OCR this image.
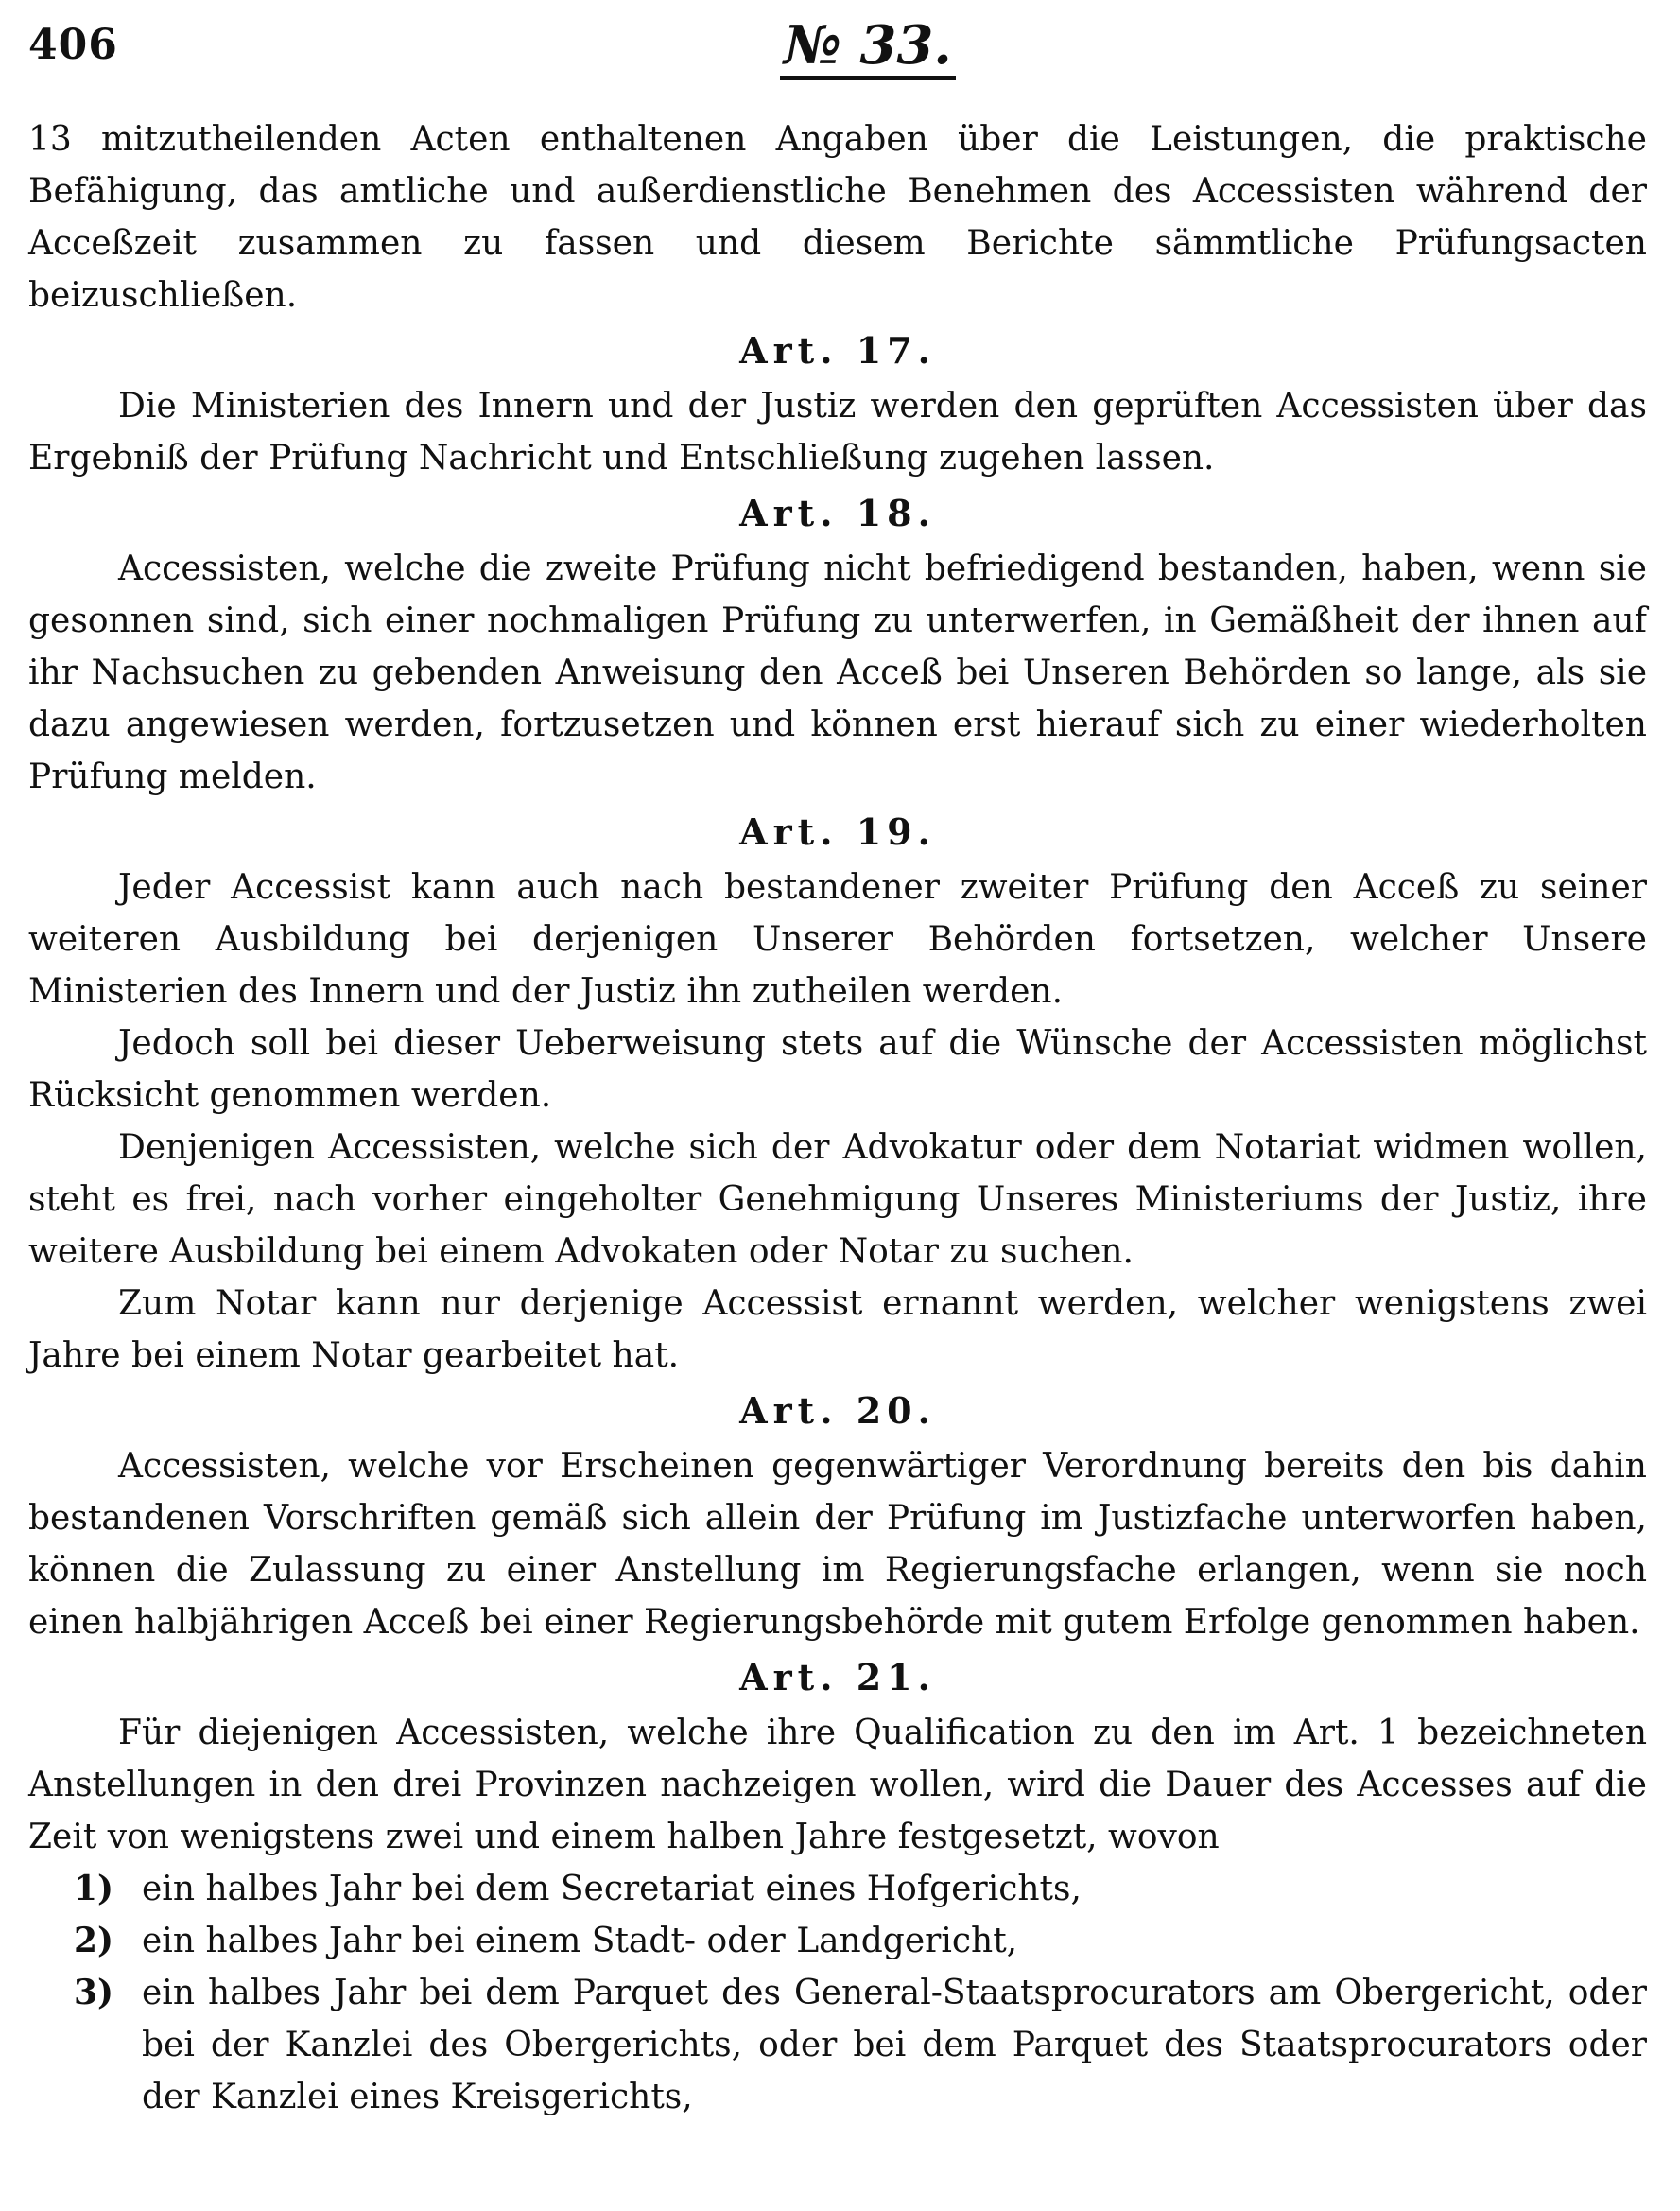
406	№ 33.

13 mitzutheilenden Acten enthaltenen Angaben über die Leistungen, die praktische Befähigung, das amtliche und außerdienstliche Benehmen des Accessisten während der Accеßzeit zusammen zu fassen und diesem Berichte sämmtliche Prüfungsacten beizuschließen.

Art. 17.

Die Ministerien des Innern und der Justiz werden den geprüften Accessisten über das Ergebniß der Prüfung Nachricht und Entschließung zugehen lassen.

Art. 18.

Accessisten, welche die zweite Prüfung nicht befriedigend bestanden, haben, wenn sie gesonnen sind, sich einer nochmaligen Prüfung zu unterwerfen, in Gemäßheit der ihnen auf ihr Nachsuchen zu gebenden Anweisung den Acceß bei Unseren Behörden so lange, als sie dazu angewiesen werden, fortzusetzen und können erst hierauf sich zu einer wiederholten Prüfung melden.

Art. 19.

Jeder Accessist kann auch nach bestandener zweiter Prüfung den Acceß zu seiner weiteren Ausbildung bei derjenigen Unserer Behörden fortsetzen, welcher Unsere Ministerien des Innern und der Justiz ihn zutheilen werden.

Jedoch soll bei dieser Ueberweisung stets auf die Wünsche der Accessisten möglichst Rücksicht genommen werden.

Denjenigen Accessisten, welche sich der Advokatur oder dem Notariat widmen wollen, steht es frei, nach vorher eingeholter Genehmigung Unseres Ministeriums der Justiz, ihre weitere Ausbildung bei einem Advokaten oder Notar zu suchen.

Zum Notar kann nur derjenige Accessist ernannt werden, welcher wenigstens zwei Jahre bei einem Notar gearbeitet hat.

Art. 20.

Accessisten, welche vor Erscheinen gegenwärtiger Verordnung bereits den bis dahin bestandenen Vorschriften gemäß sich allein der Prüfung im Justizfache unterworfen haben, können die Zulassung zu einer Anstellung im Regierungsfache erlangen, wenn sie noch einen halbjährigen Acceß bei einer Regierungsbehörde mit gutem Erfolge genommen haben.

Art. 21.

Für diejenigen Accessisten, welche ihre Qualification zu den im Art. 1 bezeichneten Anstellungen in den drei Provinzen nachzeigen wollen, wird die Dauer des Accesses auf die Zeit von wenigstens zwei und einem halben Jahre festgesetzt, wovon

1) ein halbes Jahr bei dem Secretariat eines Hofgerichts,
2) ein halbes Jahr bei einem Stadt- oder Landgericht,
3) ein halbes Jahr bei dem Parquet des General-Staatsprocurators am Obergericht, oder bei der Kanzlei des Obergerichts, oder bei dem Parquet des Staatsprocurators oder der Kanzlei eines Kreisgerichts,
